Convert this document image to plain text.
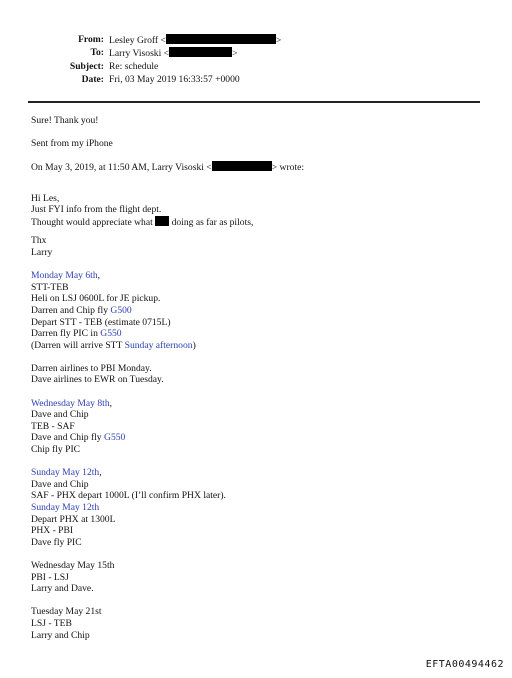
From: Lesley Groff <	>
To: Larry Visoski <	>
Subject: Re: schedule
Date: Fri, 03 May 2019 16:33:57 +0000

Sure! Thank you!

Sent from my iPhone

On May 3, 2019, at 11:50 AM, Larry Visoski <	> wrote:

Hi Les,

Just FYI info from the flight dept.

Thought would appreciate what doing as far as pilots,

Thx

Larry

Monday May 6th,

STT-TEB

Heli on LSJ 0600L for JE pickup.

Darren and Chip fly G500

Depart STT - TEB (estimate 0715L)

Darren fly PIC in G550

(Darren will arrive STT Sunday afternoon)

Darren airlines to PBI Monday.

Dave airlines to EWR on Tuesday.

Wednesday May 8th,

Dave and Chip

TEB - SAF

Dave and Chip fly G550

Chip fly PIC

Sunday May 12th,

Dave and Chip

SAF - PHX depart 1000L (I’ll confirm PHX later).

Sunday May 12th

Depart PHX at 1300L

PHX - PBI

Dave fly PIC

Wednesday May 15th

PBI - LSJ

Larry and Dave.

Tuesday May 21st

LSJ - TEB

Larry and Chip

EFTA00494462
